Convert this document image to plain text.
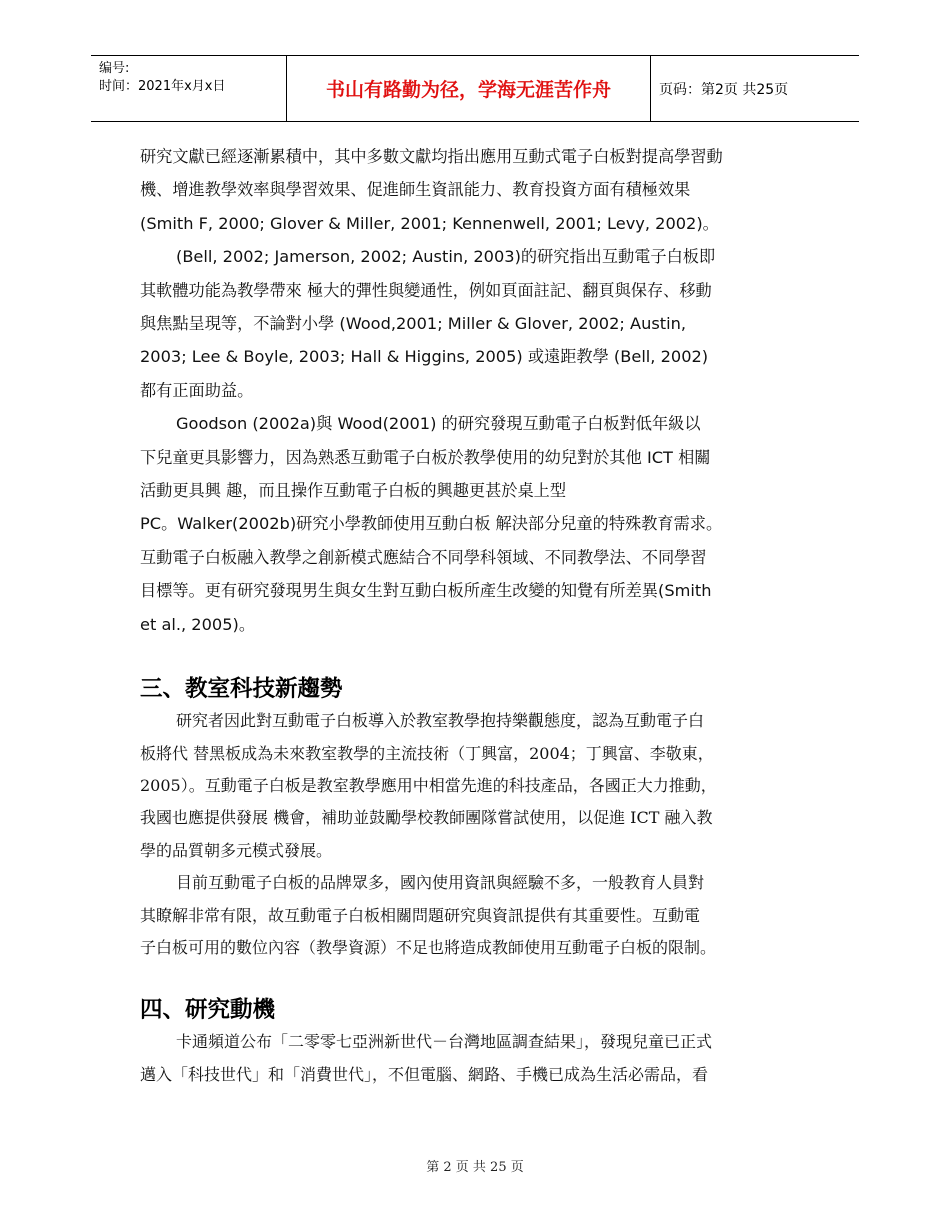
编号:
时间：2021年x月x日	书山有路勤为径，学海无涯苦作舟	页码：第2页 共25页

研究文獻已經逐漸累積中，其中多數文獻均指出應用互動式電子白板對提高學習動
機、增進教學效率與學習效果、促進師生資訊能力、教育投資方面有積極效果
(Smith F, 2000; Glover & Miller, 2001; Kennenwell, 2001; Levy, 2002)。

(Bell, 2002; Jamerson, 2002; Austin, 2003)的研究指出互動電子白板即
其軟體功能為教學帶來 極大的彈性與變通性，例如頁面註記、翻頁與保存、移動
與焦點呈現等，不論對小學 (Wood,2001; Miller & Glover, 2002; Austin,
2003; Lee & Boyle, 2003; Hall & Higgins, 2005) 或遠距教學 (Bell, 2002)
都有正面助益。

Goodson (2002a)與 Wood(2001) 的研究發現互動電子白板對低年級以
下兒童更具影響力，因為熟悉互動電子白板於教學使用的幼兒對於其他 ICT 相關
活動更具興 趣，而且操作互動電子白板的興趣更甚於桌上型
PC。Walker(2002b)研究小學教師使用互動白板 解決部分兒童的特殊教育需求。
互動電子白板融入教學之創新模式應結合不同學科領域、不同教學法、不同學習
目標等。更有研究發現男生與女生對互動白板所產生改變的知覺有所差異(Smith
et al., 2005)。

三、教室科技新趨勢

研究者因此對互動電子白板導入於教室教學抱持樂觀態度，認為互動電子白
板將代 替黑板成為未來教室教學的主流技術（丁興富，2004；丁興富、李敬東，
2005）。互動電子白板是教室教學應用中相當先進的科技產品，各國正大力推動，
我國也應提供發展 機會，補助並鼓勵學校教師團隊嘗試使用，以促進 ICT 融入教
學的品質朝多元模式發展。

目前互動電子白板的品牌眾多，國內使用資訊與經驗不多，一般教育人員對
其瞭解非常有限，故互動電子白板相關問題研究與資訊提供有其重要性。互動電
子白板可用的數位內容（教學資源）不足也將造成教師使用互動電子白板的限制。

四、研究動機

卡通頻道公布「二零零七亞洲新世代－台灣地區調查結果」，發現兒童已正式
邁入「科技世代」和「消費世代」，不但電腦、網路、手機已成為生活必需品，看

第 2 页 共 25 页
